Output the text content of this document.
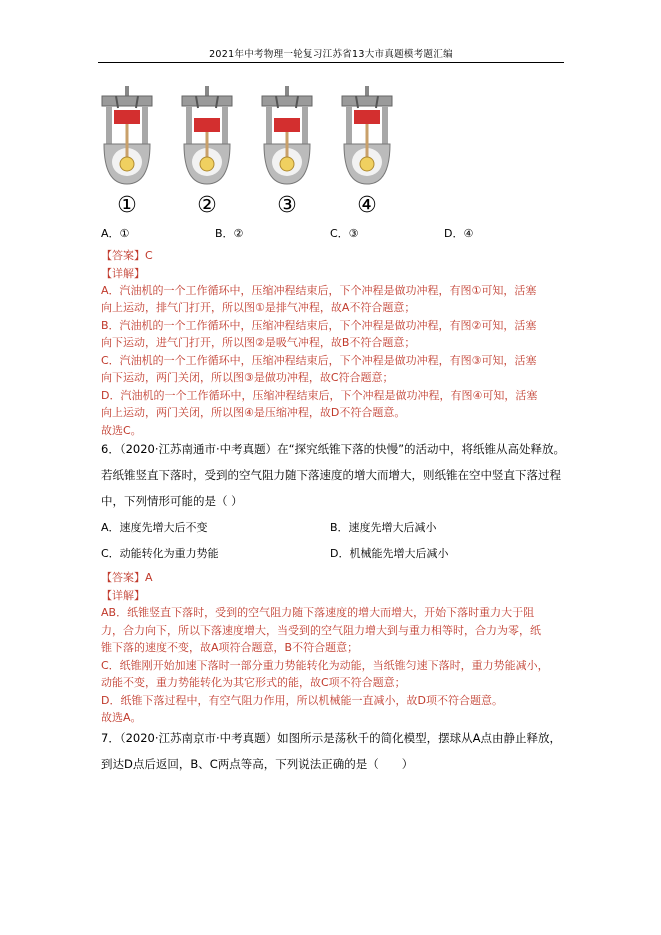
2021年中考物理一轮复习江苏省13大市真题模考题汇编
①	②	③	④
A．①	B．②	C．③	D．④
【答案】C
【详解】
A．汽油机的一个工作循环中，压缩冲程结束后，下个冲程是做功冲程，有图①可知，活塞
向上运动，排气门打开，所以图①是排气冲程，故A不符合题意；
B．汽油机的一个工作循环中，压缩冲程结束后，下个冲程是做功冲程，有图②可知，活塞
向下运动，进气门打开，所以图②是吸气冲程，故B不符合题意；
C．汽油机的一个工作循环中，压缩冲程结束后，下个冲程是做功冲程，有图③可知，活塞
向下运动，两门关闭，所以图③是做功冲程，故C符合题意；
D．汽油机的一个工作循环中，压缩冲程结束后，下个冲程是做功冲程，有图④可知，活塞
向上运动，两门关闭，所以图④是压缩冲程，故D不符合题意。
故选C。
6．（2020·江苏南通市·中考真题）在“探究纸锥下落的快慢”的活动中，将纸锥从高处释放。
若纸锥竖直下落时，受到的空气阻力随下落速度的增大而增大，则纸锥在空中竖直下落过程
中，下列情形可能的是（ ）
A．速度先增大后不变	B．速度先增大后减小
C．动能转化为重力势能	D．机械能先增大后减小
【答案】A
【详解】
AB．纸锥竖直下落时，受到的空气阻力随下落速度的增大而增大，开始下落时重力大于阻
力，合力向下，所以下落速度增大，当受到的空气阻力增大到与重力相等时，合力为零，纸
锥下落的速度不变，故A项符合题意，B不符合题意；
C．纸锥刚开始加速下落时一部分重力势能转化为动能，当纸锥匀速下落时，重力势能减小，
动能不变，重力势能转化为其它形式的能，故C项不符合题意；
D．纸锥下落过程中，有空气阻力作用，所以机械能一直减小，故D项不符合题意。
故选A。
7．（2020·江苏南京市·中考真题）如图所示是荡秋千的简化模型，摆球从A点由静止释放，
到达D点后返回，B、C两点等高，下列说法正确的是（　　）
